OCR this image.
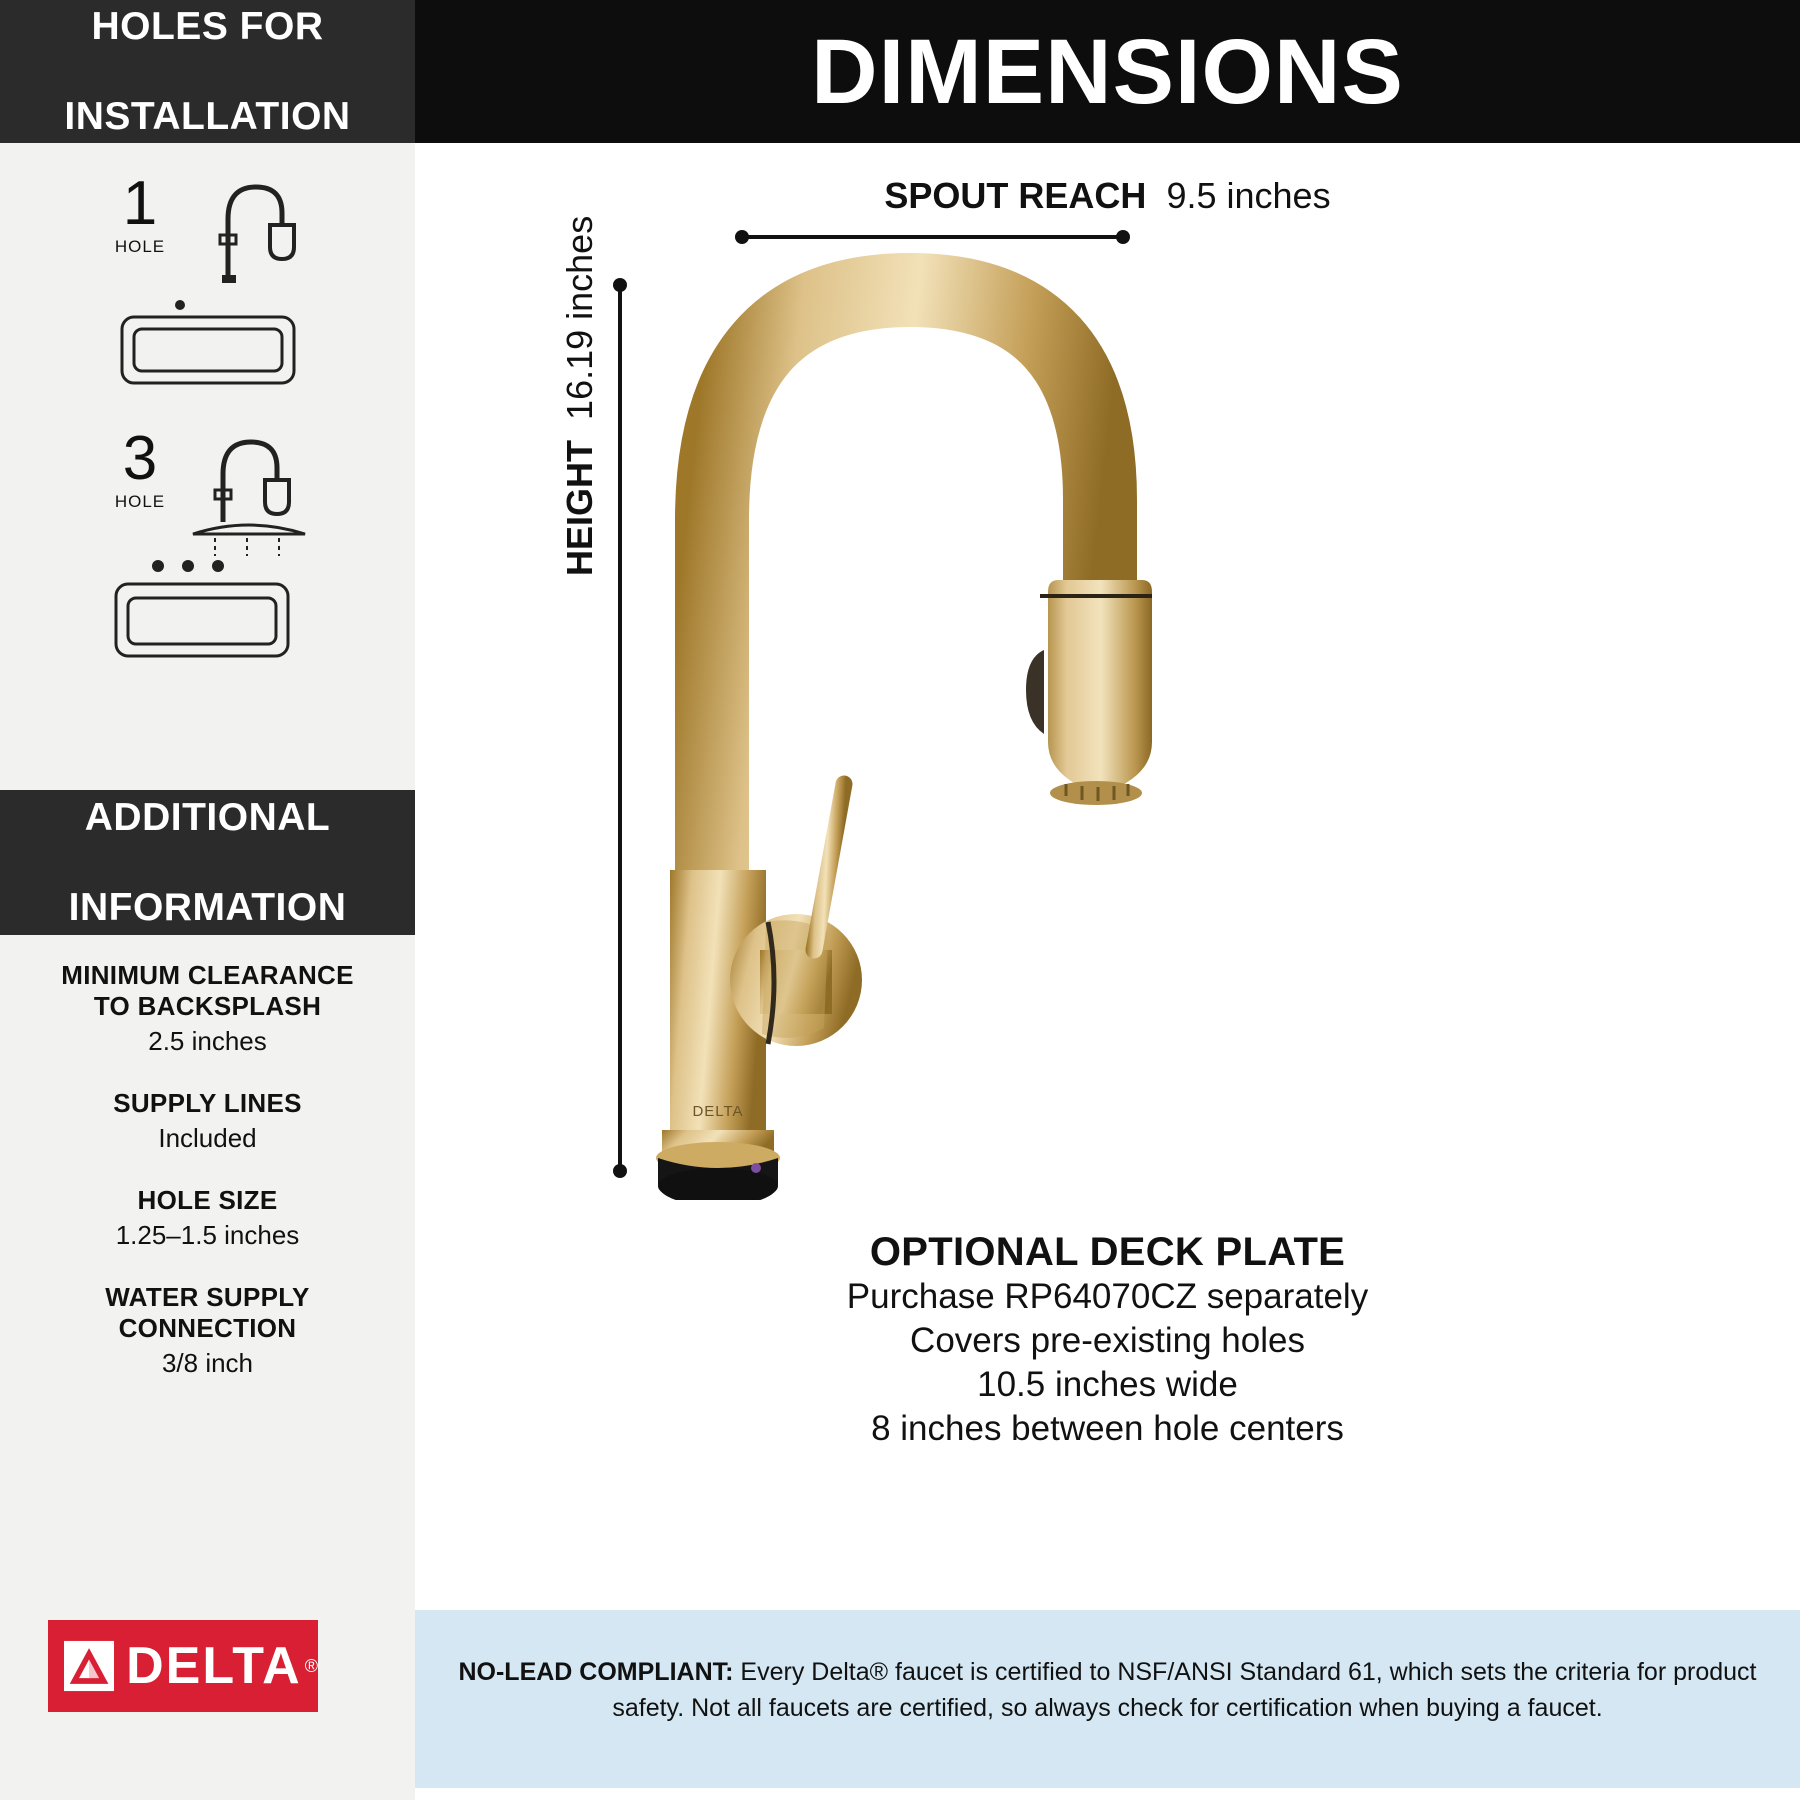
HOLES FOR

INSTALLATION
1
HOLE
3
HOLE
ADDITIONAL

INFORMATION
MINIMUM CLEARANCE
TO BACKSPLASH
2.5 inches
SUPPLY LINES
Included
HOLE SIZE
1.25–1.5 inches
WATER SUPPLY
CONNECTION
3/8 inch
DELTA ®
DIMENSIONS
SPOUT REACH 9.5 inches
HEIGHT  16.19 inches
DELTA
OPTIONAL DECK PLATE
Purchase RP64070CZ separately
Covers pre-existing holes
10.5 inches wide
8 inches between hole centers

NO-LEAD COMPLIANT: Every Delta® faucet is certified to NSF/ANSI Standard 61, which sets the criteria for product safety. Not all faucets are certified, so always check for certification when buying a faucet.
